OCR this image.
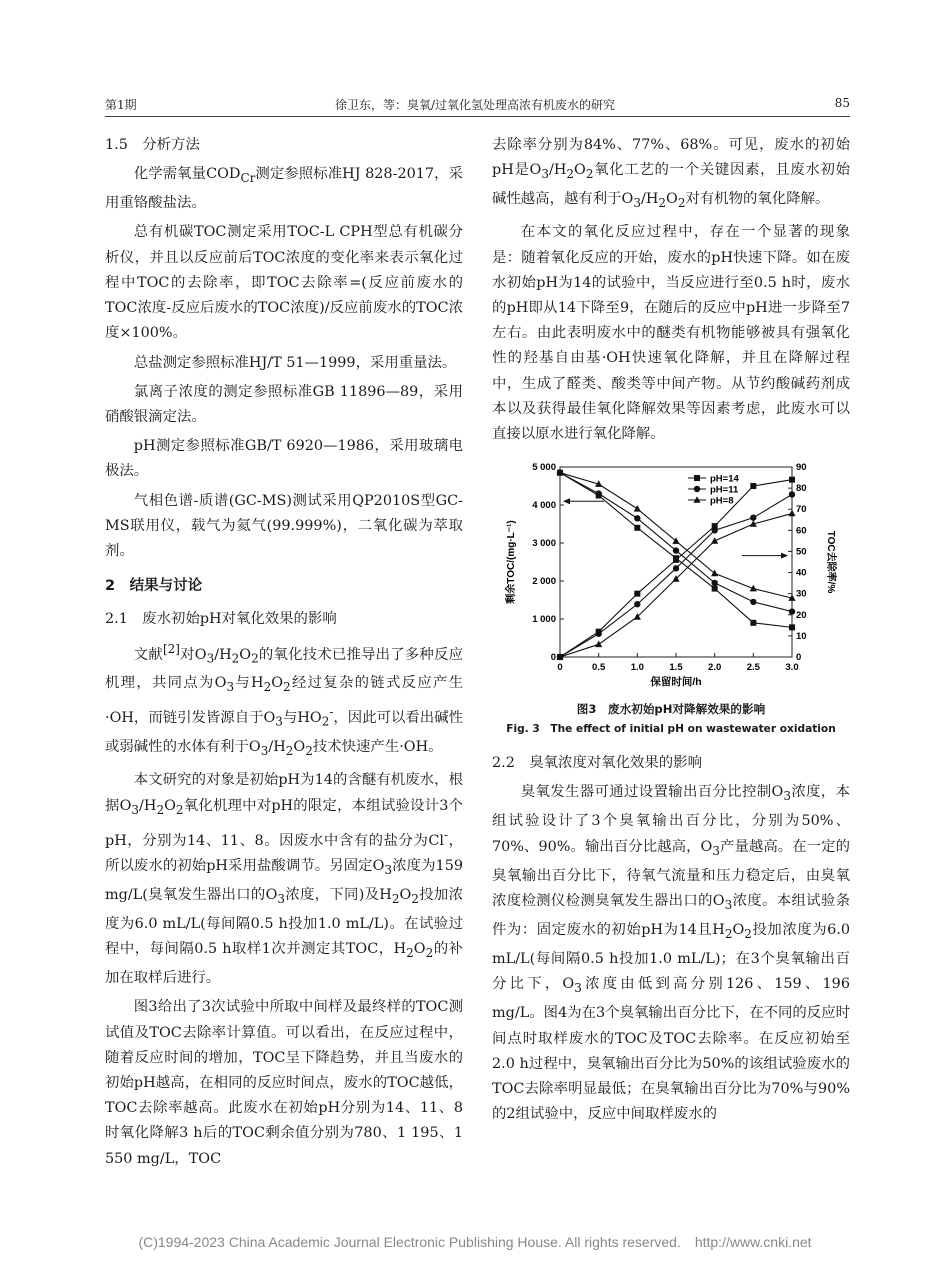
第1期	徐卫东，等：臭氧/过氧化氢处理高浓有机废水的研究	85

1.5　分析方法

化学需氧量$COD_{Cr}$测定参照标准HJ 828-2017，采用重铬酸盐法。

总有机碳TOC测定采用TOC-L CPH型总有机碳分析仪，并且以反应前后TOC浓度的变化率来表示氧化过程中TOC的去除率，即TOC去除率=(反应前废水的TOC浓度-反应后废水的TOC浓度)/反应前废水的TOC浓度×100%。

总盐测定参照标准HJ/T 51—1999，采用重量法。

氯离子浓度的测定参照标准GB 11896—89，采用硝酸银滴定法。

pH测定参照标准GB/T 6920—1986，采用玻璃电极法。

气相色谱-质谱(GC-MS)测试采用QP2010S型GC-MS联用仪，载气为氦气(99.999%)，二氧化碳为萃取剂。

2　结果与讨论

2.1　废水初始pH对氧化效果的影响

文献[2]对$O_3/H_2O_2$的氧化技术已推导出了多种反应机理，共同点为$O_3$与$H_2O_2$经过复杂的链式反应产生·OH，而链引发皆源自于$O_3$与$HO_2^-$，因此可以看出碱性或弱碱性的水体有利于$O_3/H_2O_2$技术快速产生·OH。

本文研究的对象是初始pH为14的含醚有机废水，根据$O_3/H_2O_2$氧化机理中对pH的限定，本组试验设计3个pH，分别为14、11、8。因废水中含有的盐分为Cl-，所以废水的初始pH采用盐酸调节。另固定$O_3$浓度为159 mg/L(臭氧发生器出口的$O_3$浓度，下同)及$H_2O_2$投加浓度为6.0 mL/L(每间隔0.5 h投加1.0 mL/L)。在试验过程中，每间隔0.5 h取样1次并测定其TOC，$H_2O_2$的补加在取样后进行。

图3给出了3次试验中所取中间样及最终样的TOC测试值及TOC去除率计算值。可以看出，在反应过程中，随着反应时间的增加，TOC呈下降趋势，并且当废水的初始pH越高，在相同的反应时间点，废水的TOC越低，TOC去除率越高。此废水在初始pH分别为14、11、8时氧化降解3 h后的TOC剩余值分别为780、1 195、1 550 mg/L，TOC

去除率分别为84%、77%、68%。可见，废水的初始pH是$O_3/H_2O_2$氧化工艺的一个关键因素，且废水初始碱性越高，越有利于$O_3/H_2O_2$对有机物的氧化降解。

在本文的氧化反应过程中，存在一个显著的现象是：随着氧化反应的开始，废水的pH快速下降。如在废水初始pH为14的试验中，当反应进行至0.5 h时，废水的pH即从14下降至9，在随后的反应中pH进一步降至7左右。由此表明废水中的醚类有机物能够被具有强氧化性的羟基自由基·OH快速氧化降解，并且在降解过程中，生成了醛类、酸类等中间产物。从节约酸碱药剂成本以及获得最佳氧化降解效果等因素考虑，此废水可以直接以原水进行氧化降解。

0	0.5	1.0	1.5	2.0	2.5	3.0
0
1 000
2 000
3 000
4 000
5 000
0
10
20
30
40
50
60
70
80
90
保留时间/h
剩余TOC/(mg·L⁻¹)	TOC去除率/%
pH=14
pH=11
pH=8
图3　废水初始pH对降解效果的影响
Fig. 3　The effect of initial pH on wastewater oxidation

2.2　臭氧浓度对氧化效果的影响

臭氧发生器可通过设置输出百分比控制$O_3$浓度，本组试验设计了3个臭氧输出百分比，分别为50%、70%、90%。输出百分比越高，$O_3$产量越高。在一定的臭氧输出百分比下，待氧气流量和压力稳定后，由臭氧浓度检测仪检测臭氧发生器出口的$O_3$浓度。本组试验条件为：固定废水的初始pH为14且$H_2O_2$投加浓度为6.0 mL/L(每间隔0.5 h投加1.0 mL/L)；在3个臭氧输出百分比下，$O_3$浓度由低到高分别126、159、196 mg/L。图4为在3个臭氧输出百分比下，在不同的反应时间点时取样废水的TOC及TOC去除率。在反应初始至2.0 h过程中，臭氧输出百分比为50%的该组试验废水的TOC去除率明显最低；在臭氧输出百分比为70%与90%的2组试验中，反应中间取样废水的

(C)1994-2023 China Academic Journal Electronic Publishing House. All rights reserved.　http://www.cnki.net
